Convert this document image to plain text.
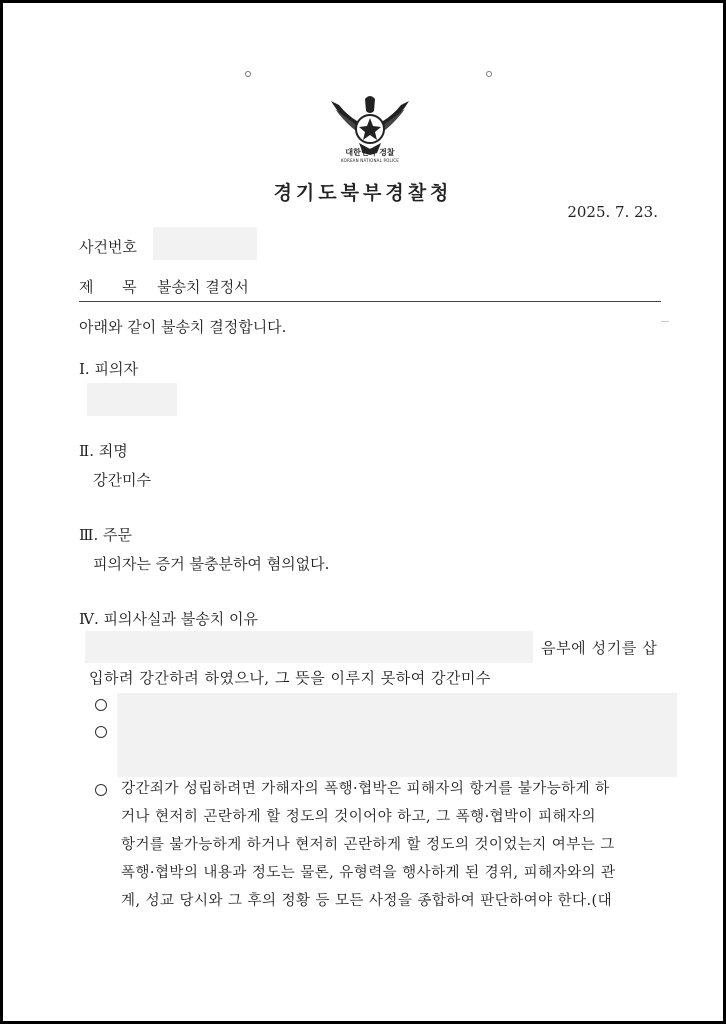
대한민국 경찰
KOREAN NATIONAL POLICE
경기도북부경찰청
2025. 7. 23.
사건번호
제      목 불송치 결정서
아래와 같이 불송치 결정합니다.
Ⅰ. 피의자
Ⅱ. 죄명
강간미수
Ⅲ. 주문
피의자는 증거 불충분하여 혐의없다.
Ⅳ. 피의사실과 불송치 이유
음부에 성기를 삽
입하려 강간하려 하였으나, 그 뜻을 이루지 못하여 강간미수
강간죄가 성립하려면 가해자의 폭행·협박은 피해자의 항거를 불가능하게 하
거나 현저히 곤란하게 할 정도의 것이어야 하고, 그 폭행·협박이 피해자의
항거를 불가능하게 하거나 현저히 곤란하게 할 정도의 것이었는지 여부는 그
폭행·협박의 내용과 정도는 물론, 유형력을 행사하게 된 경위, 피해자와의 관
계, 성교 당시와 그 후의 정황 등 모든 사정을 종합하여 판단하여야 한다.(대
